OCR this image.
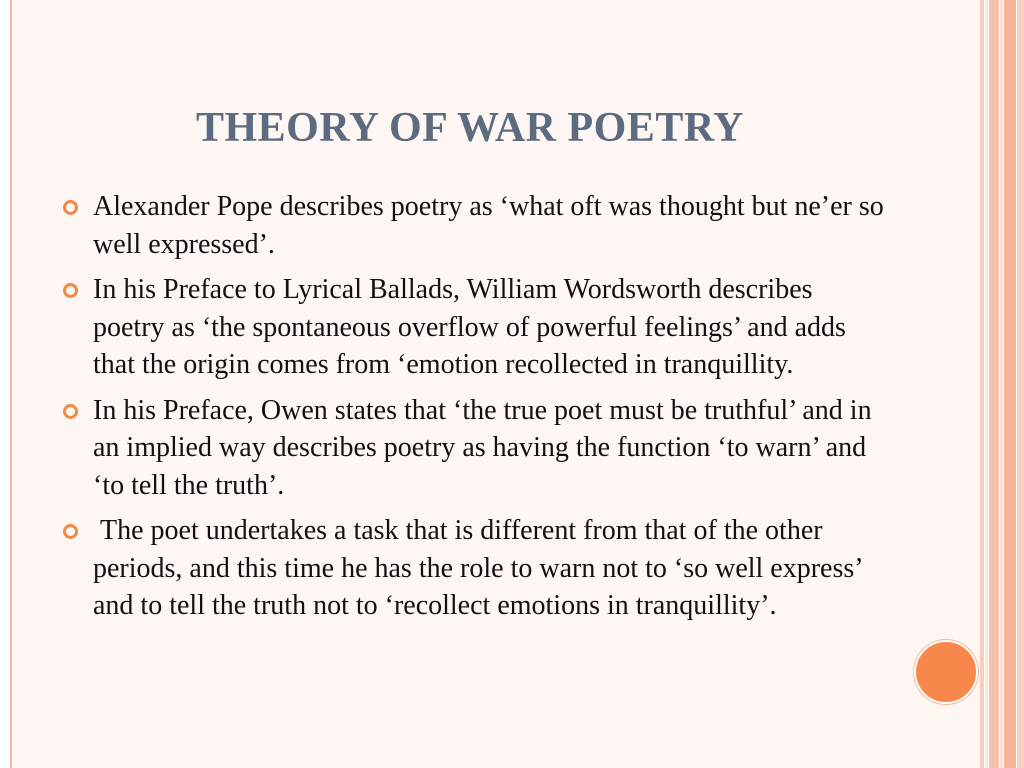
THEORY OF WAR POETRY
Alexander Pope describes poetry as ‘what oft was thought but ne’er so well expressed’.
In his Preface to Lyrical Ballads, William Wordsworth describes poetry as ‘the spontaneous overflow of powerful feelings’ and adds that the origin comes from ‘emotion recollected in tranquillity.
In his Preface, Owen states that ‘the true poet must be truthful’ and in an implied way describes poetry as having the function ‘to warn’ and ‘to tell the truth’.
The poet undertakes a task that is different from that of the other periods, and this time he has the role to warn not to ‘so well express’ and to tell the truth not to ‘recollect emotions in tranquillity’.
